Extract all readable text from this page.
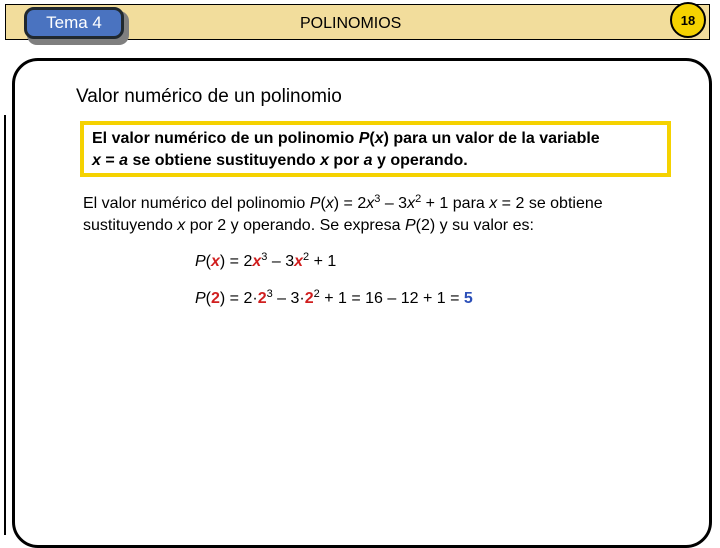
Tema 4	POLINOMIOS	18
Valor numérico de un polinomio
El valor numérico de un polinomio P(x) para un valor de la variable
x = a se obtiene sustituyendo x por a y operando.
El valor numérico del polinomio $P(x) = 2x^3 - 3x^2 + 1$ para x = 2 se obtiene
sustituyendo x por 2 y operando. Se expresa P(2) y su valor es:
$P(x) = 2x^3 - 3x^2 + 1$
$P(2) = 2\cdot 2^3 - 3\cdot 2^2 + 1 = 16 - 12 + 1 = 5$
